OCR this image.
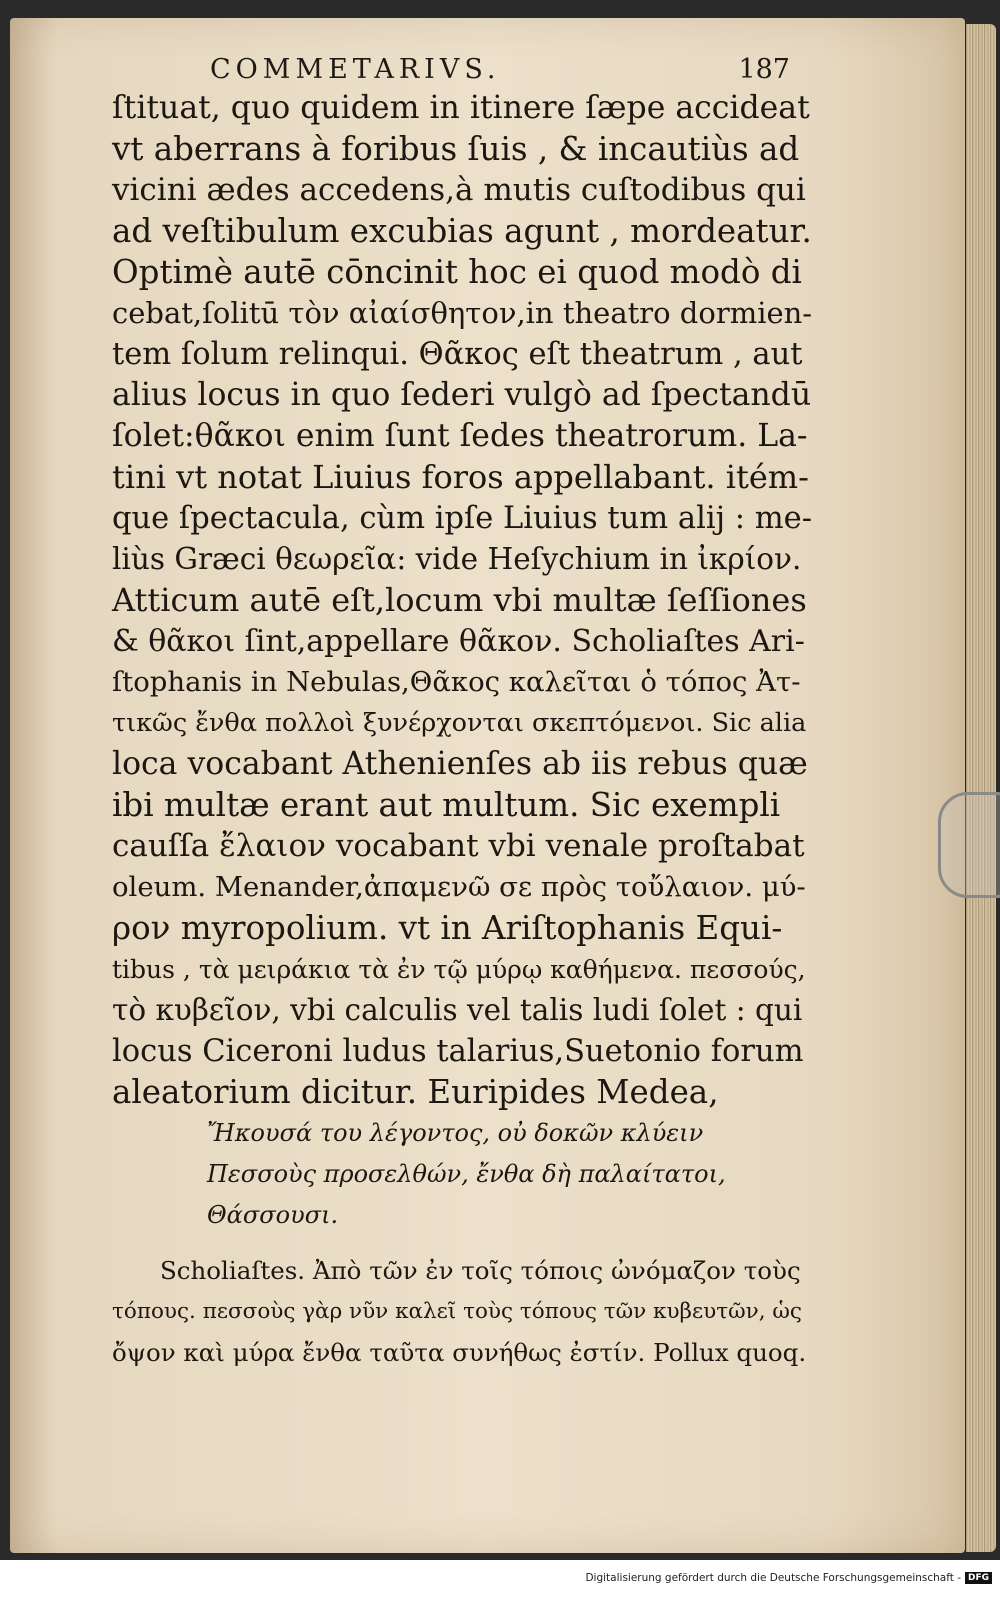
COMMETARIVS.	187
ſtituat, quo quidem in itinere ſæpe accideat
vt aberrans à foribus ſuis , & incautiùs ad
vicini ædes accedens,à mutis cuſtodibus qui
ad veſtibulum excubias agunt , mordeatur.
Optimè autē cōncinit hoc ei quod modò di
cebat,ſolitū τὸν αἰαίσθητον,in theatro dormien-
tem ſolum relinqui. Θᾶκος eſt theatrum , aut
alius locus in quo ſederi vulgò ad ſpectandū
ſolet:θᾶκοι enim ſunt ſedes theatrorum. La-
tini vt notat Liuius foros appellabant. itém-
que ſpectacula, cùm ipſe Liuius tum alij : me-
liùs Græci θεωρεῖα: vide Heſychium in ἰκρίον.
Atticum autē eſt,locum vbi multæ ſeſſiones
& θᾶκοι ſint,appellare θᾶκον. Scholiaſtes Ari-
ſtophanis in Nebulas,Θᾶκος καλεῖται ὁ τόπος Ἀτ-
τικῶς ἔνθα πολλοὶ ξυνέρχονται σκεπτόμενοι. Sic alia
loca vocabant Athenienſes ab iis rebus quæ
ibi multæ erant aut multum. Sic exempli
cauſſa ἔλαιον vocabant vbi venale proſtabat
oleum. Menander,ἀπαμενῶ σε πρὸς τοὔλαιον. μύ-
ρον myropolium. vt in Ariſtophanis Equi-
tibus , τὰ μειράκια τὰ ἐν τῷ μύρῳ καθήμενα. πεσσούς,
τὸ κυβεῖον, vbi calculis vel talis ludi ſolet : qui
locus Ciceroni ludus talarius,Suetonio forum
aleatorium dicitur. Euripides Medea,
Ἤκουσά του λέγοντος, οὐ δοκῶν κλύειν
Πεσσοὺς προσελθών, ἔνθα δὴ παλαίτατοι,
Θάσσουσι.
Scholiaſtes. Ἀπὸ τῶν ἐν τοῖς τόποις ὠνόμαζον τοὺς
τόπους. πεσσοὺς γὰρ νῦν καλεῖ τοὺς τόπους τῶν κυβευτῶν, ὡς
ὄψον καὶ μύρα ἔνθα ταῦτα συνήθως ἐστίν. Pollux quoq.
Digitalisierung gefördert durch die Deutsche Forschungsgemeinschaft - DFG
